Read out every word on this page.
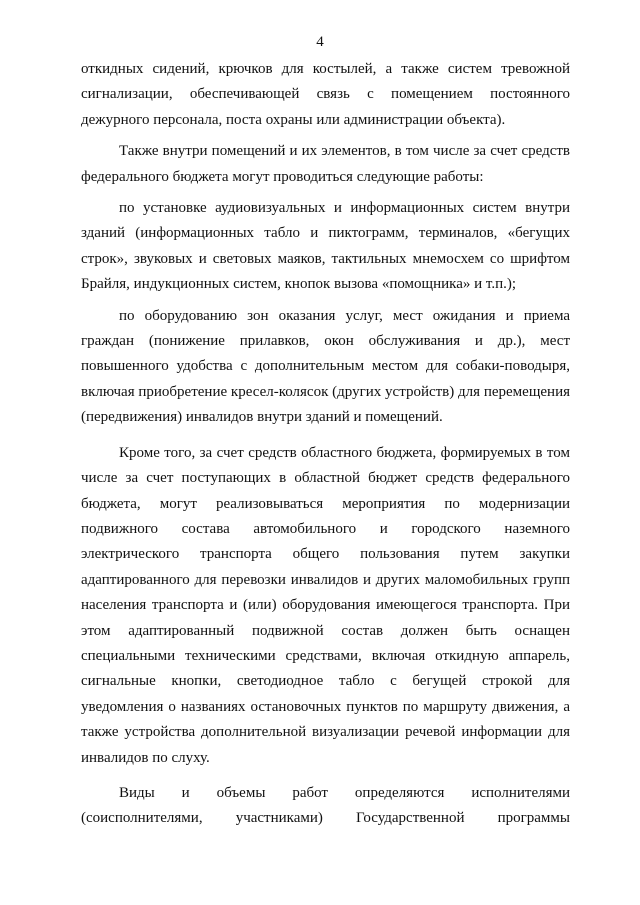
4

откидных сидений, крючков для костылей, а также систем тревожной сигнализации, обеспечивающей связь с помещением постоянного дежурного персонала, поста охраны или администрации объекта).

Также внутри помещений и их элементов, в том числе за счет средств федерального бюджета могут проводиться следующие работы:

по установке аудиовизуальных и информационных систем внутри зданий (информационных табло и пиктограмм, терминалов, «бегущих строк», звуковых и световых маяков, тактильных мнемосхем со шрифтом Брайля, индукционных систем, кнопок вызова «помощника» и т.п.);

по оборудованию зон оказания услуг, мест ожидания и приема граждан (понижение прилавков, окон обслуживания и др.), мест повышенного удобства с дополнительным местом для собаки-поводыря, включая приобретение кресел-колясок (других устройств) для перемещения (передвижения) инвалидов внутри зданий и помещений.

Кроме того, за счет средств областного бюджета, формируемых в том числе за счет поступающих в областной бюджет средств федерального бюджета, могут реализовываться мероприятия по модернизации подвижного состава автомобильного и городского наземного электрического транспорта общего пользования путем закупки адаптированного для перевозки инвалидов и других маломобильных групп населения транспорта и (или) оборудования имеющегося транспорта. При этом адаптированный подвижной состав должен быть оснащен специальными техническими средствами, включая откидную аппарель, сигнальные кнопки, светодиодное табло с бегущей строкой для уведомления о названиях остановочных пунктов по маршруту движения, а также устройства дополнительной визуализации речевой информации для инвалидов по слуху.

Виды и объемы работ определяются исполнителями (соисполнителями, участниками) Государственной программы
